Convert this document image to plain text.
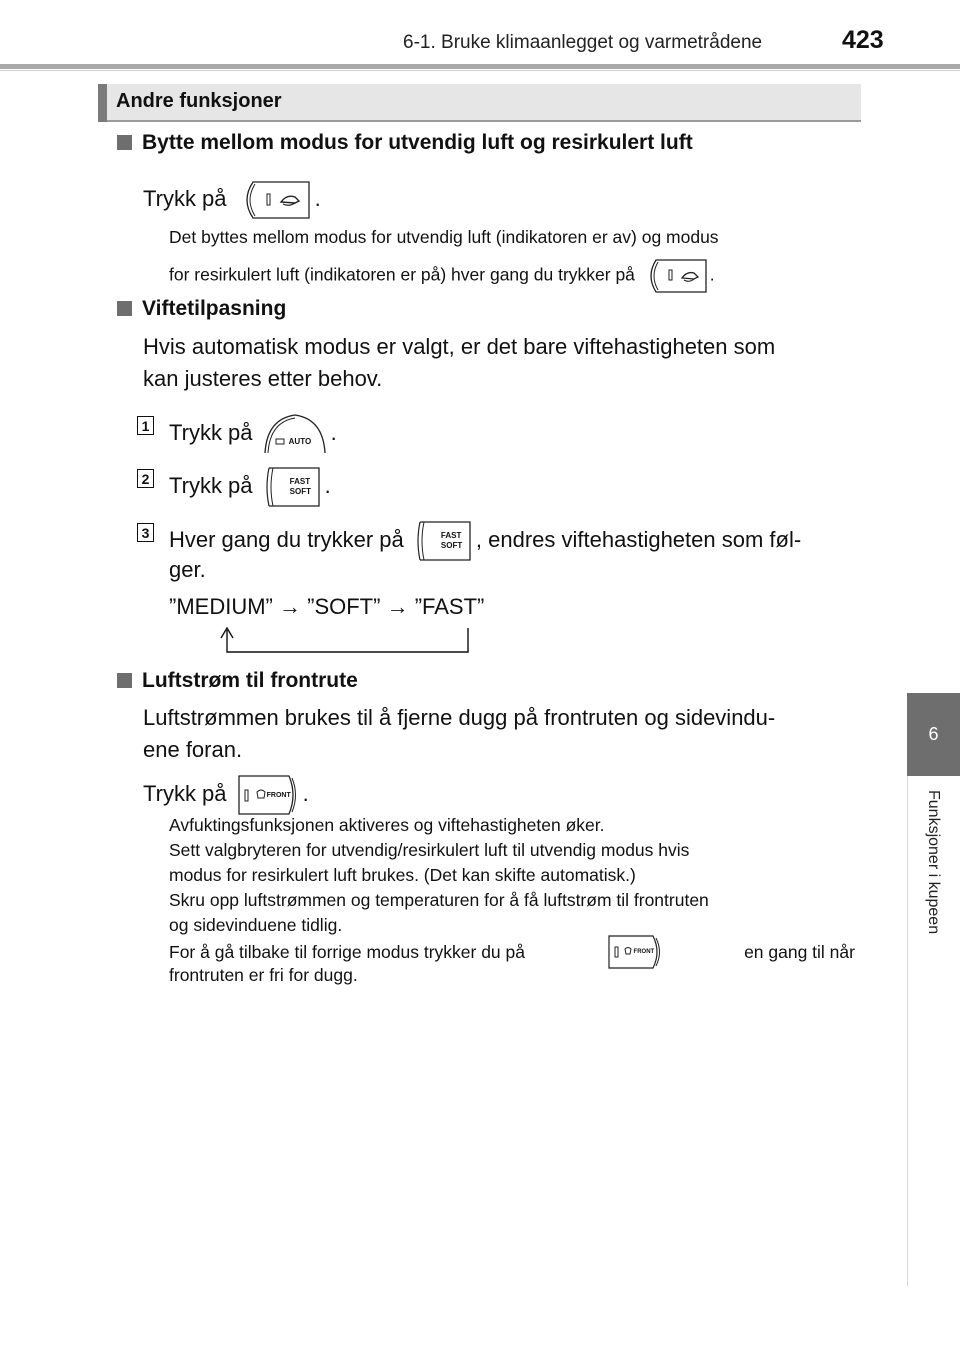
6-1. Bruke klimaanlegget og varmetrådene	423
6
Funksjoner i kupeen
Andre funksjoner
Bytte mellom modus for utvendig luft og resirkulert luft
Trykk på	.
Det byttes mellom modus for utvendig luft (indikatoren er av) og modus
for resirkulert luft (indikatoren er på) hver gang du trykker på	.
Viftetilpasning
Hvis automatisk modus er valgt, er det bare viftehastigheten som
kan justeres etter behov.
1 Trykk på	AUTO .
2 Trykk på	FAST
SOFT .
3 Hver gang du trykker på	FAST
SOFT , endres viftehastigheten som føl-
ger.
”MEDIUM” → ”SOFT” → ”FAST”
Luftstrøm til frontrute
Luftstrømmen brukes til å fjerne dugg på frontruten og sidevindu-
ene foran.
Trykk på	FRONT .
Avfuktingsfunksjonen aktiveres og viftehastigheten øker.
Sett valgbryteren for utvendig/resirkulert luft til utvendig modus hvis
modus for resirkulert luft brukes. (Det kan skifte automatisk.)
Skru opp luftstrømmen og temperaturen for å få luftstrøm til frontruten
og sidevinduene tidlig.
For å gå tilbake til forrige modus trykker du på	FRONT	en gang til når
frontruten er fri for dugg.
